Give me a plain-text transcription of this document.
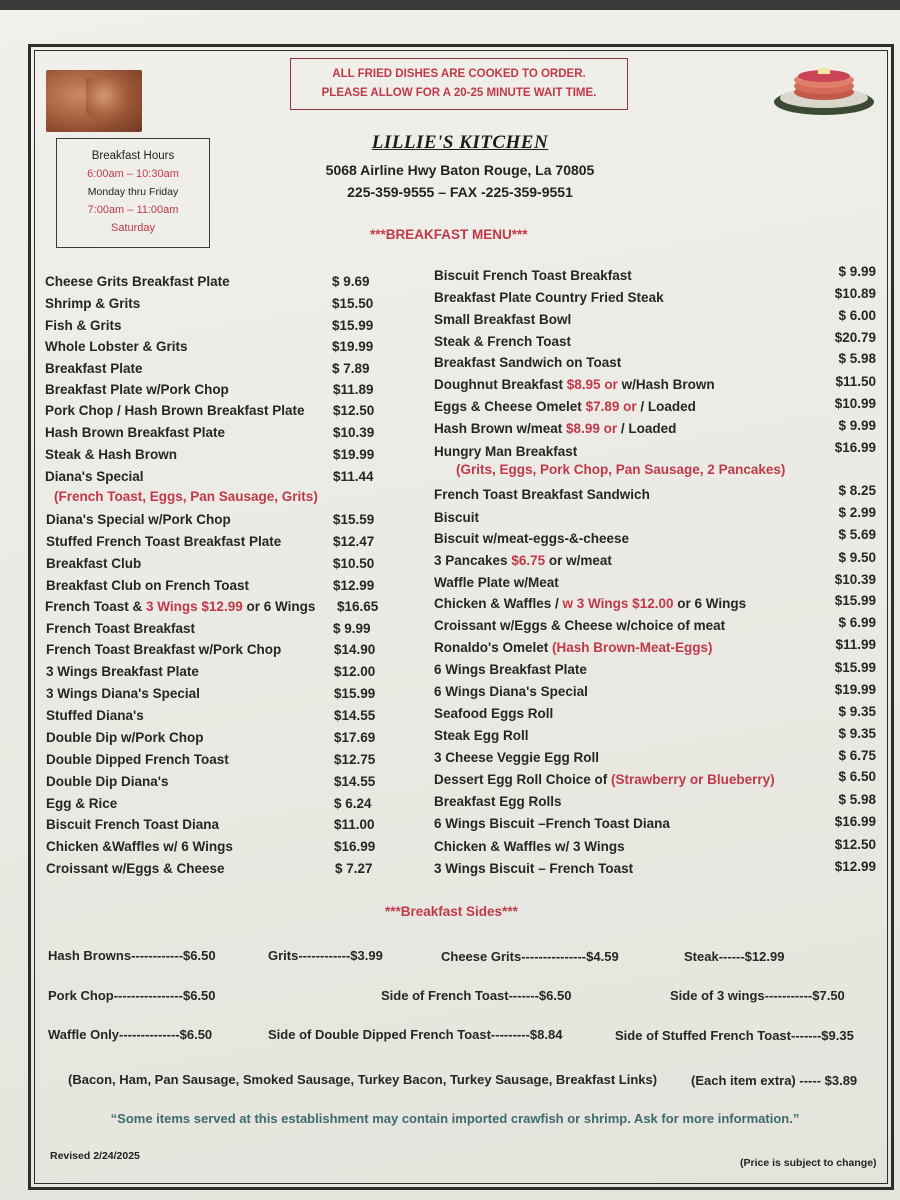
ALL FRIED DISHES ARE COOKED TO ORDER.
PLEASE ALLOW FOR A 20-25 MINUTE WAIT TIME.
Breakfast Hours
6:00am – 10:30am
Monday thru Friday
7:00am – 11:00am
Saturday
LILLIE'S KITCHEN
5068 Airline Hwy Baton Rouge, La 70805
225-359-9555 – FAX -225-359-9551
***BREAKFAST MENU***
Cheese Grits Breakfast Plate	$ 9.69
Shrimp & Grits	$15.50
Fish & Grits	$15.99
Whole Lobster & Grits	$19.99
Breakfast Plate	$ 7.89
Breakfast Plate w/Pork Chop	$11.89
Pork Chop / Hash Brown Breakfast Plate $12.50
Hash Brown Breakfast Plate	$10.39
Steak & Hash Brown	$19.99
Diana's Special	$11.44
Diana's Special w/Pork Chop	$15.59
Stuffed French Toast Breakfast Plate	$12.47
Breakfast Club	$10.50
Breakfast Club on French Toast	$12.99
French Toast Breakfast	$ 9.99
French Toast Breakfast w/Pork Chop	$14.90
3 Wings Breakfast Plate	$12.00
3 Wings Diana's Special	$15.99
Stuffed Diana's	$14.55
Double Dip w/Pork Chop	$17.69
Double Dipped French Toast	$12.75
Double Dip Diana's	$14.55
Egg & Rice	$ 6.24
Biscuit French Toast Diana	$11.00
Chicken &Waffles w/ 6 Wings	$16.99
Croissant w/Eggs & Cheese	$ 7.27
(French Toast, Eggs, Pan Sausage, Grits)
French Toast & 3 Wings $12.99 or 6 Wings $16.65
Biscuit French Toast Breakfast	$ 9.99
Breakfast Plate Country Fried Steak	$10.89
Small Breakfast Bowl	$ 6.00
Steak & French Toast	$20.79
Breakfast Sandwich on Toast	$ 5.98
Doughnut Breakfast $8.95 or w/Hash Brown	$11.50
Eggs & Cheese Omelet $7.89 or / Loaded	$10.99
Hash Brown w/meat $8.99 or / Loaded	$ 9.99
Hungry Man Breakfast	$16.99
(Grits, Eggs, Pork Chop, Pan Sausage, 2 Pancakes)
French Toast Breakfast Sandwich	$ 8.25
Biscuit	$ 2.99
Biscuit w/meat-eggs-&-cheese	$ 5.69
3 Pancakes $6.75 or w/meat	$ 9.50
Waffle Plate w/Meat	$10.39
Chicken & Waffles / w 3 Wings $12.00 or 6 Wings	$15.99
Croissant w/Eggs & Cheese w/choice of meat	$ 6.99
Ronaldo's Omelet (Hash Brown-Meat-Eggs)	$11.99
6 Wings Breakfast Plate	$15.99
6 Wings Diana's Special	$19.99
Seafood Eggs Roll	$ 9.35
Steak Egg Roll	$ 9.35
3 Cheese Veggie Egg Roll	$ 6.75
Dessert Egg Roll Choice of (Strawberry or Blueberry)	$ 6.50
Breakfast Egg Rolls	$ 5.98
6 Wings Biscuit –French Toast Diana	$16.99
Chicken & Waffles w/ 3 Wings	$12.50
3 Wings Biscuit – French Toast	$12.99
***Breakfast Sides***
Hash Browns------------$6.50	Grits------------$3.99	Cheese Grits---------------$4.59	Steak------$12.99
Pork Chop----------------$6.50	Side of French Toast-------$6.50	Side of 3 wings-----------$7.50
Waffle Only--------------$6.50	Side of Double Dipped French Toast---------$8.84	Side of Stuffed French Toast-------$9.35
(Bacon, Ham, Pan Sausage, Smoked Sausage, Turkey Bacon, Turkey Sausage, Breakfast Links)	(Each item extra) ----- $3.89
“Some items served at this establishment may contain imported crawfish or shrimp. Ask for more information.”
Revised 2/24/2025
(Price is subject to change)
